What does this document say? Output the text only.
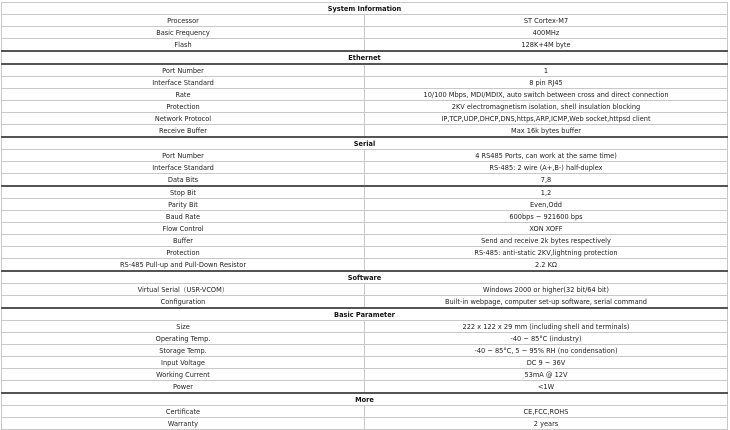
System Information	
Processor	ST Cortex-M7
Basic Frequency	400MHz
Flash	128K+4M byte
Ethernet	
Port Number	1
Interface Standard	8 pin RJ45
Rate	10/100 Mbps, MDI/MDIX, auto switch between cross and direct connection
Protection	2KV electromagnetism isolation, shell insulation blocking
Network Protocol	IP,TCP,UDP,DHCP,DNS,https,ARP,ICMP,Web socket,httpsd client
Receive Buffer	Max 16k bytes buffer
Serial	
Port Number	4 RS485 Ports, can work at the same time)
Interface Standard	RS-485: 2 wire (A+,B-) half-duplex
Data Bits	7,8
Stop Bit	1,2
Parity Bit	Even,Odd
Baud Rate	600bps ~ 921600 bps
Flow Control	XON XOFF
Buffer	Send and receive 2k bytes respectively
Protection	RS-485: anti-static 2KV,lightning protection
RS-485 Pull-up and Pull-Down Resistor	2.2 KΩ
Software	
Virtual Serial（USR-VCOM）	Windows 2000 or higher(32 bit/64 bit)
Configuration	Built-in webpage, computer set-up software, serial command
Basic Parameter	
Size	222 x 122 x 29 mm (including shell and terminals)
Operating Temp.	-40 ~ 85°C (industry)
Storage Temp.	-40 ~ 85°C, 5 ~ 95% RH (no condensation)
Input Voltage	DC 9 ~ 36V
Working Current	53mA @ 12V
Power	<1W
More	
Certificate	CE,FCC,ROHS
Warranty	2 years
